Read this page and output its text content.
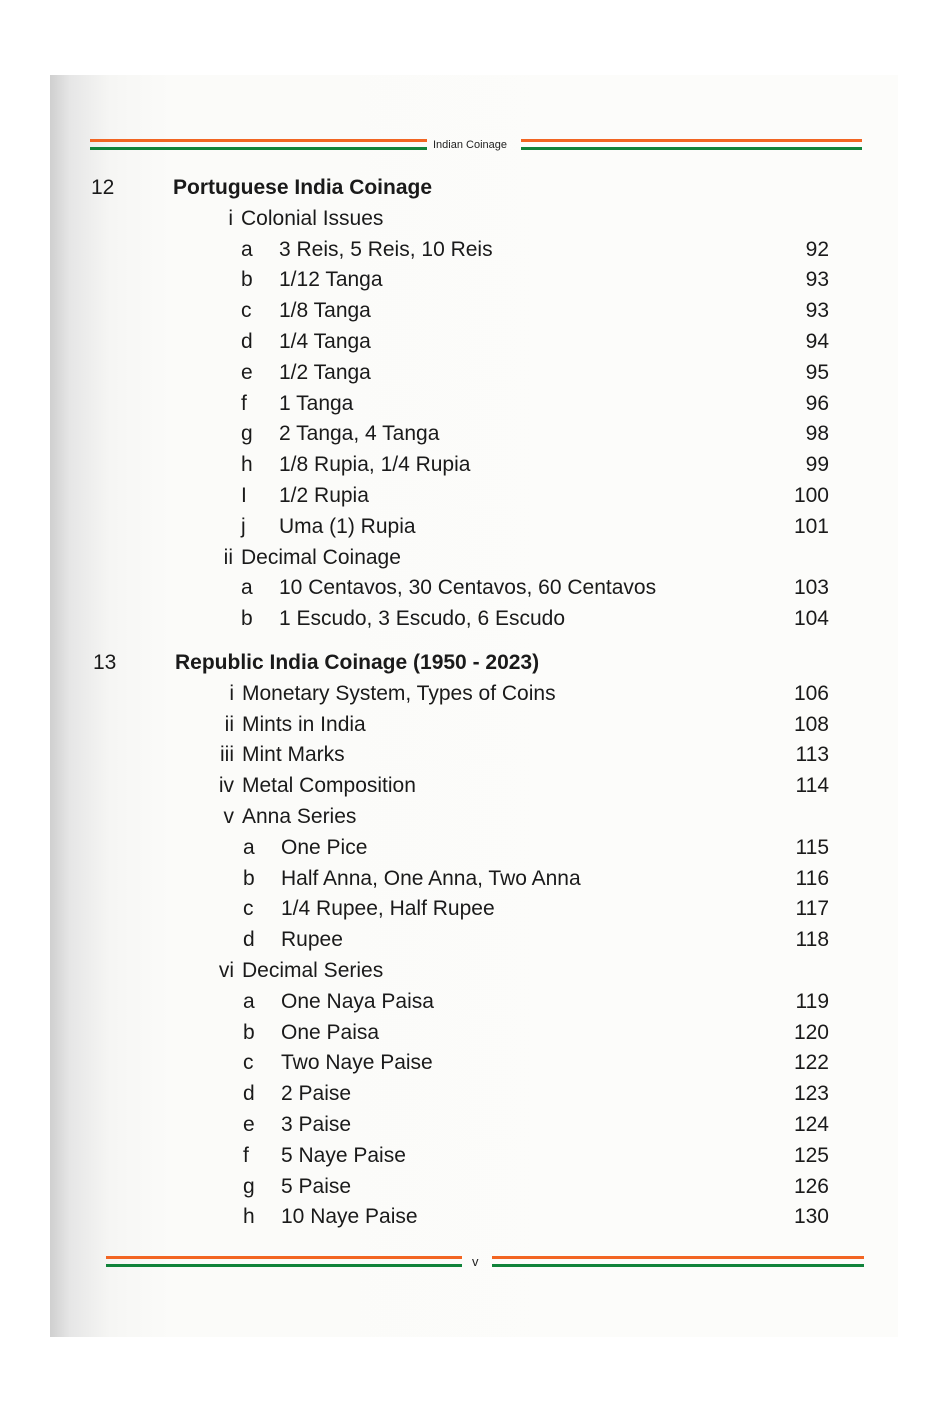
Indian Coinage
12	Portuguese India Coinage
i Colonial Issues
a 3 Reis, 5 Reis, 10 Reis	92
b 1/12 Tanga	93
c 1/8 Tanga	93
d 1/4 Tanga	94
e 1/2 Tanga	95
f 1 Tanga	96
g 2 Tanga, 4 Tanga	98
h 1/8 Rupia, 1/4 Rupia	99
I 1/2 Rupia	100
j Uma (1) Rupia	101
ii Decimal Coinage
a 10 Centavos, 30 Centavos, 60 Centavos	103
b 1 Escudo, 3 Escudo, 6 Escudo	104
13	Republic India Coinage (1950 - 2023)
i Monetary System, Types of Coins	106
ii Mints in India	108
iii Mint Marks	113
iv Metal Composition	114
v Anna Series
a One Pice	115
b Half Anna, One Anna, Two Anna	116
c 1/4 Rupee, Half Rupee	117
d Rupee	118
vi Decimal Series
a One Naya Paisa	119
b One Paisa	120
c Two Naye Paise	122
d 2 Paise	123
e 3 Paise	124
f 5 Naye Paise	125
g 5 Paise	126
h 10 Naye Paise	130
v
